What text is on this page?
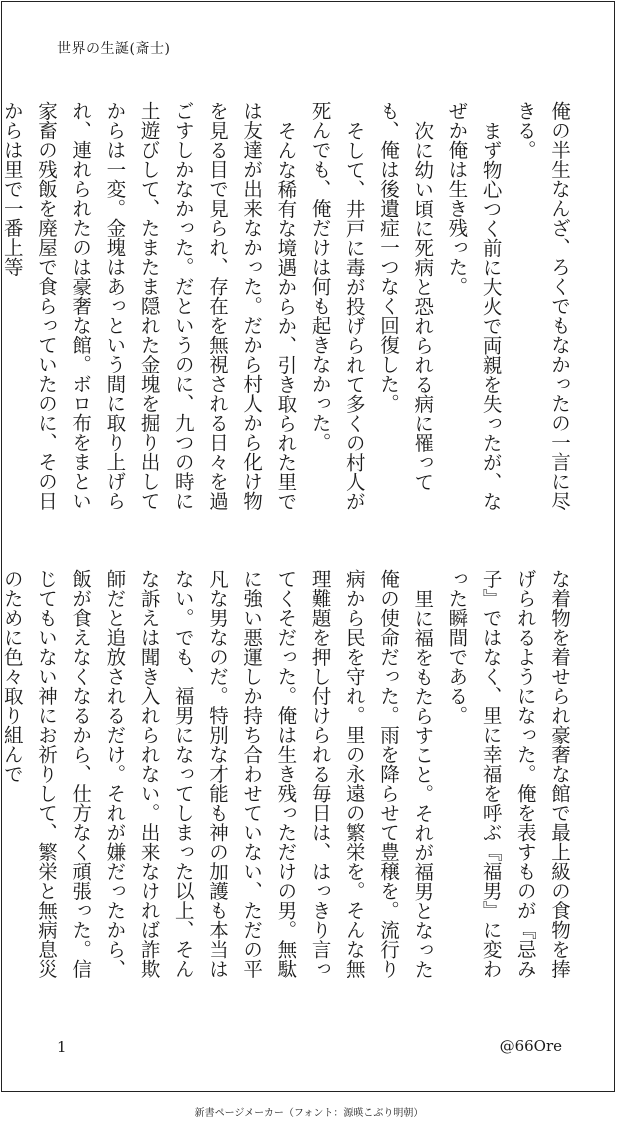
世界の生誕(斎士)

俺の半生なんざ、ろくでもなかったの一言に尽きる。

まず物心つく前に大火で両親を失ったが、なぜか俺は生き残った。

次に幼い頃に死病と恐れられる病に罹っても、俺は後遺症一つなく回復した。

そして、井戸に毒が投げられて多くの村人が死んでも、俺だけは何も起きなかった。

そんな稀有な境遇からか、引き取られた里では友達が出来なかった。だから村人から化け物を見る目で見られ、存在を無視される日々を過ごすしかなかった。だというのに、九つの時に土遊びして、たまたま隠れた金塊を掘り出してからは一変。金塊はあっという間に取り上げられ、連れられたのは豪奢な館。ボロ布をまとい家畜の残飯を廃屋で食らっていたのに、その日からは里で一番上等

な着物を着せられ豪奢な館で最上級の食物を捧げられるようになった。俺を表すものが『忌み子』ではなく、里に幸福を呼ぶ『福男』に変わった瞬間である。

里に福をもたらすこと。それが福男となった俺の使命だった。雨を降らせて豊穣を。流行り病から民を守れ。里の永遠の繁栄を。そんな無理難題を押し付けられる毎日は、はっきり言ってくそだった。俺は生き残っただけの男。無駄に強い悪運しか持ち合わせていない、ただの平凡な男なのだ。特別な才能も神の加護も本当はない。でも、福男になってしまった以上、そんな訴えは聞き入れられない。出来なければ詐欺師だと追放されるだけ。それが嫌だったから、飯が食えなくなるから、仕方なく頑張った。信じてもいない神にお祈りして、繁栄と無病息災のために色々取り組んで

1	@66Ore
新書ページメーカー（フォント：源暎こぶり明朝）
